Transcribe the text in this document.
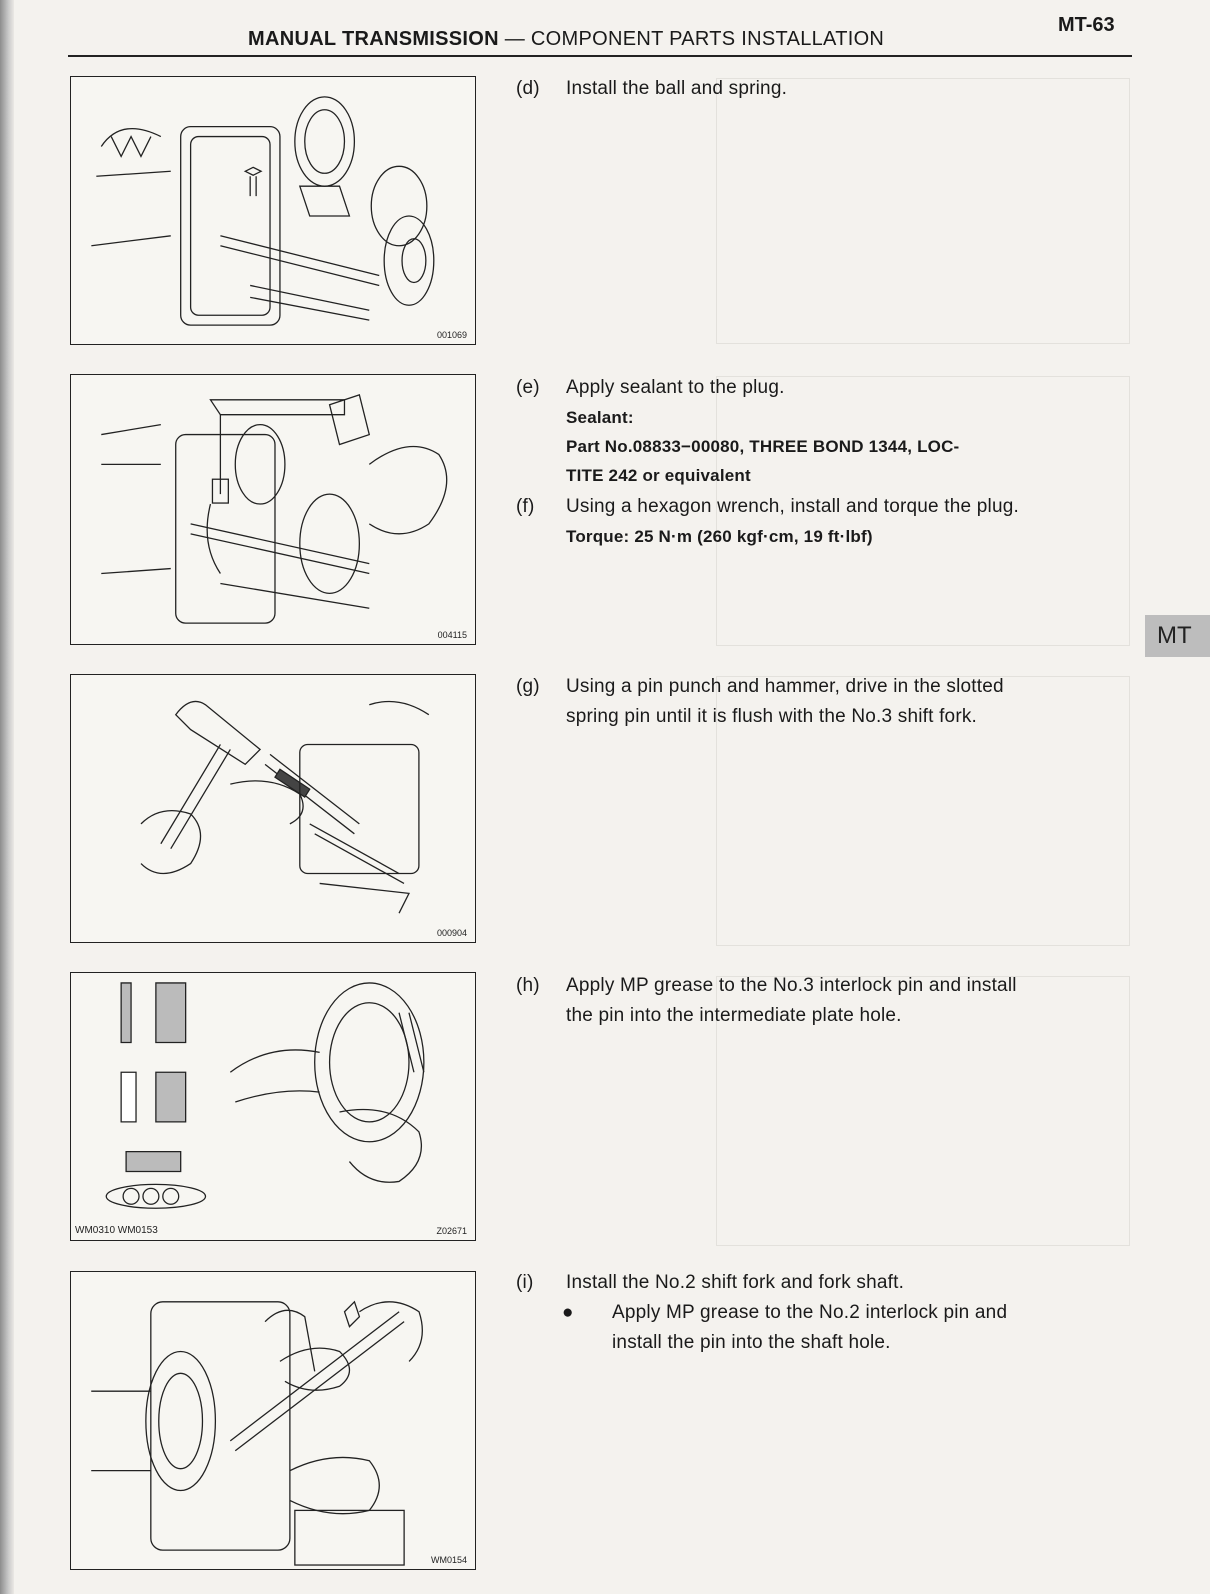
MANUAL TRANSMISSION — COMPONENT PARTS INSTALLATION
MT-63
MT
001069
004115
000904
WM0310 WM0153	Z02671
WM0154
(d) Install the ball and spring.
(e) Apply sealant to the plug.
Sealant:
Part No.08833−00080, THREE BOND 1344, LOC-
TITE 242 or equivalent
(f) Using a hexagon wrench, install and torque the plug.
Torque: 25 N·m (260 kgf·cm, 19 ft·lbf)
(g) Using a pin punch and hammer, drive in the slotted
spring pin until it is flush with the No.3 shift fork.
(h) Apply MP grease to the No.3 interlock pin and install
the pin into the intermediate plate hole.
(i) Install the No.2 shift fork and fork shaft.
● Apply MP grease to the No.2 interlock pin and
install the pin into the shaft hole.
